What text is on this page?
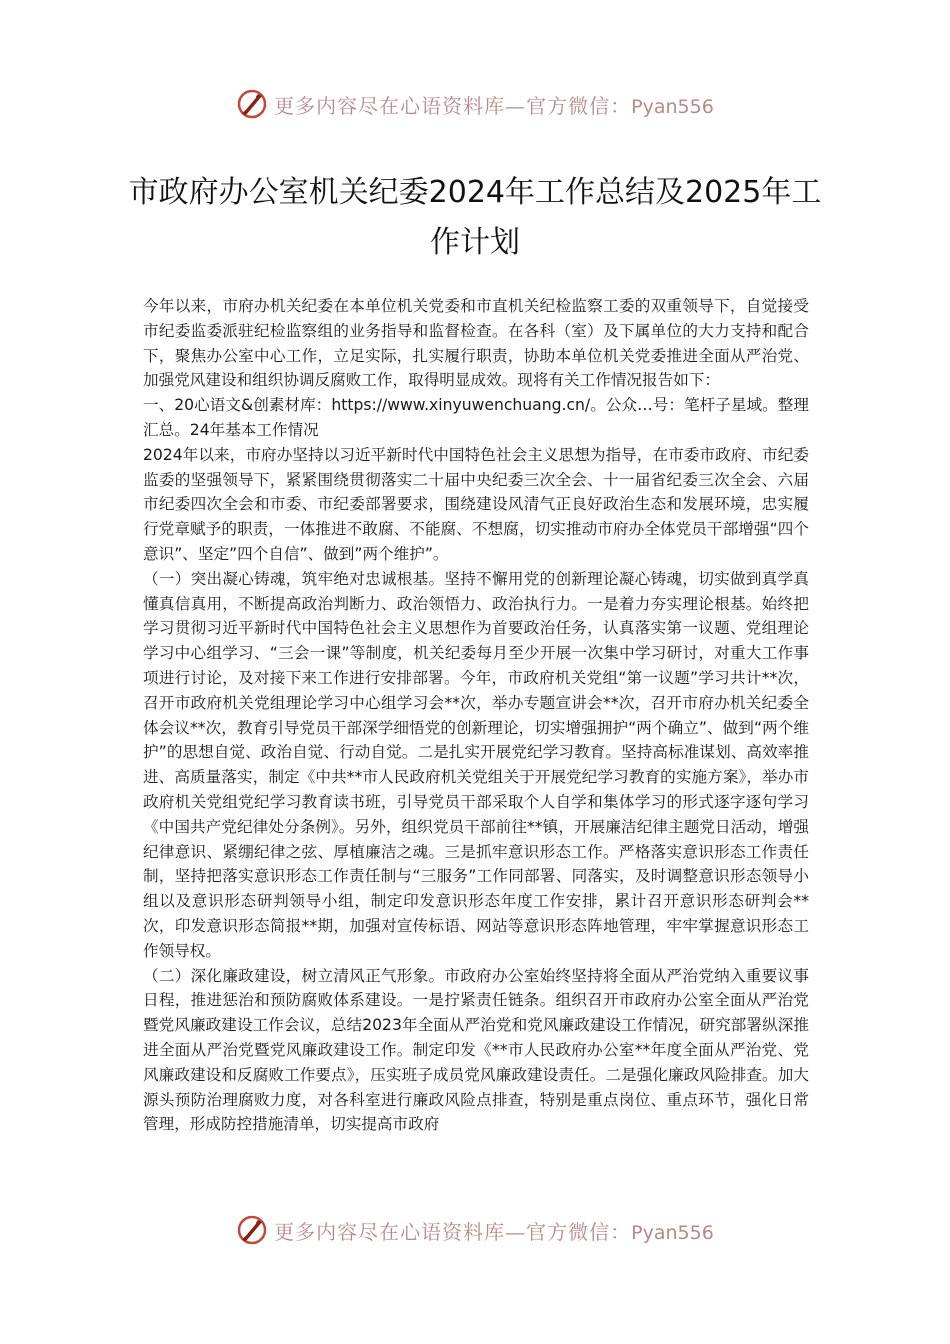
更多内容尽在心语资料库—官方微信：Pyan556
市政府办公室机关纪委2024年工作总结及2025年工作计划

今年以来，市府办机关纪委在本单位机关党委和市直机关纪检监察工委的双重领导下，自觉接受市纪委监委派驻纪检监察组的业务指导和监督检查。在各科（室）及下属单位的大力支持和配合下，聚焦办公室中心工作，立足实际，扎实履行职责，协助本单位机关党委推进全面从严治党、加强党风建设和组织协调反腐败工作，取得明显成效。现将有关工作情况报告如下：

一、20心语文&创素材库：https://www.xinyuwenchuang.cn/。公众…号：笔杆子星域。整理汇总。24年基本工作情况

2024年以来，市府办坚持以习近平新时代中国特色社会主义思想为指导，在市委市政府、市纪委监委的坚强领导下，紧紧围绕贯彻落实二十届中央纪委三次全会、十一届省纪委三次全会、六届市纪委四次全会和市委、市纪委部署要求，围绕建设风清气正良好政治生态和发展环境，忠实履行党章赋予的职责，一体推进不敢腐、不能腐、不想腐，切实推动市府办全体党员干部增强“四个意识”、坚定”四个自信”、做到”两个维护”。

（一）突出凝心铸魂，筑牢绝对忠诚根基。坚持不懈用党的创新理论凝心铸魂，切实做到真学真懂真信真用，不断提高政治判断力、政治领悟力、政治执行力。一是着力夯实理论根基。始终把学习贯彻习近平新时代中国特色社会主义思想作为首要政治任务，认真落实第一议题、党组理论学习中心组学习、“三会一课”等制度，机关纪委每月至少开展一次集中学习研讨，对重大工作事项进行讨论，及对接下来工作进行安排部署。今年，市政府机关党组“第一议题”学习共计**次，召开市政府机关党组理论学习中心组学习会**次，举办专题宣讲会**次，召开市府办机关纪委全体会议**次，教育引导党员干部深学细悟党的创新理论，切实增强拥护“两个确立”、做到“两个维护”的思想自觉、政治自觉、行动自觉。二是扎实开展党纪学习教育。坚持高标准谋划、高效率推进、高质量落实，制定《中共**市人民政府机关党组关于开展党纪学习教育的实施方案》，举办市政府机关党组党纪学习教育读书班，引导党员干部采取个人自学和集体学习的形式逐字逐句学习《中国共产党纪律处分条例》。另外，组织党员干部前往**镇，开展廉洁纪律主题党日活动，增强纪律意识、紧绷纪律之弦、厚植廉洁之魂。三是抓牢意识形态工作。严格落实意识形态工作责任制，坚持把落实意识形态工作责任制与“三服务”工作同部署、同落实，及时调整意识形态领导小组以及意识形态研判领导小组，制定印发意识形态年度工作安排，累计召开意识形态研判会**次，印发意识形态简报**期，加强对宣传标语、网站等意识形态阵地管理，牢牢掌握意识形态工作领导权。

（二）深化廉政建设，树立清风正气形象。市政府办公室始终坚持将全面从严治党纳入重要议事日程，推进惩治和预防腐败体系建设。一是拧紧责任链条。组织召开市政府办公室全面从严治党暨党风廉政建设工作会议，总结2023年全面从严治党和党风廉政建设工作情况，研究部署纵深推进全面从严治党暨党风廉政建设工作。制定印发《**市人民政府办公室**年度全面从严治党、党风廉政建设和反腐败工作要点》，压实班子成员党风廉政建设责任。二是强化廉政风险排查。加大源头预防治理腐败力度，对各科室进行廉政风险点排查，特别是重点岗位、重点环节，强化日常管理，形成防控措施清单，切实提高市政府

更多内容尽在心语资料库—官方微信：Pyan556
